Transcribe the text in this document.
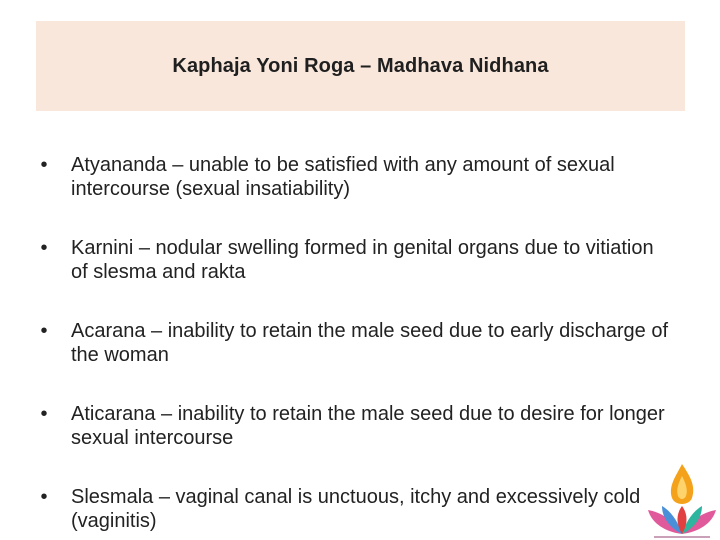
Kaphaja Yoni Roga – Madhava Nidhana
•	Atyananda – unable to be satisfied with any amount of sexual intercourse (sexual insatiability)
•	Karnini – nodular swelling formed in genital organs due to vitiation of slesma and rakta
•	Acarana – inability to retain the male seed due to early discharge of the woman
•	Aticarana – inability to retain the male seed due to desire for longer sexual intercourse
•	Slesmala – vaginal canal is unctuous, itchy and excessively cold (vaginitis)
